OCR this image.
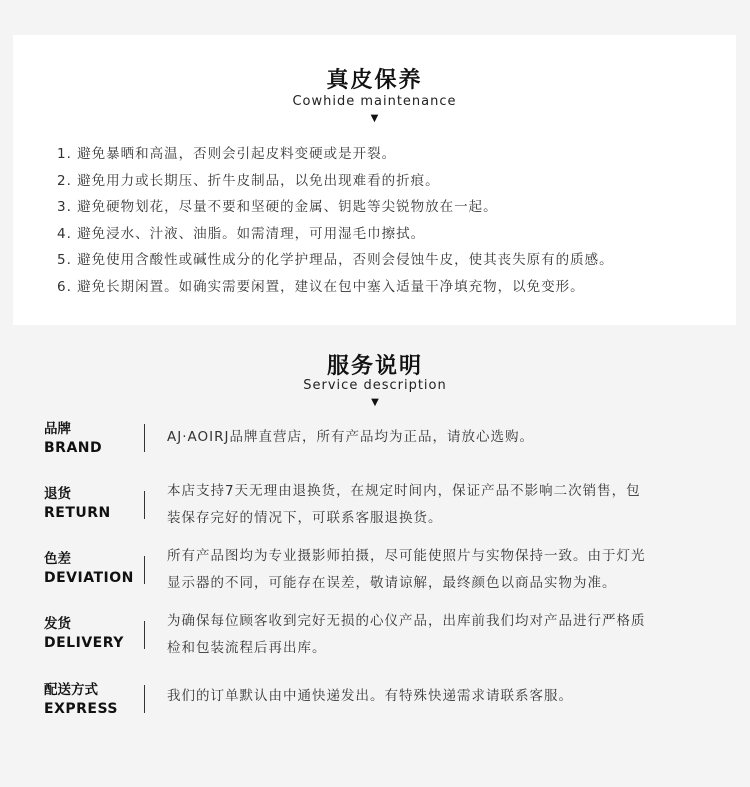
真皮保养
Cowhide maintenance
▼
1. 避免暴晒和高温，否则会引起皮料变硬或是开裂。
2. 避免用力或长期压、折牛皮制品，以免出现难看的折痕。
3. 避免硬物划花，尽量不要和坚硬的金属、钥匙等尖锐物放在一起。
4. 避免浸水、汁液、油脂。如需清理，可用湿毛巾擦拭。
5. 避免使用含酸性或碱性成分的化学护理品，否则会侵蚀牛皮，使其丧失原有的质感。
6. 避免长期闲置。如确实需要闲置，建议在包中塞入适量干净填充物，以免变形。
服务说明
Service description
▼
品牌
BRAND
AJ·AOIRJ品牌直营店，所有产品均为正品，请放心选购。
退货
RETURN
本店支持7天无理由退换货，在规定时间内，保证产品不影响二次销售，包
装保存完好的情况下，可联系客服退换货。
色差
DEVIATION
所有产品图均为专业摄影师拍摄，尽可能使照片与实物保持一致。由于灯光
显示器的不同，可能存在误差，敬请谅解，最终颜色以商品实物为准。
发货
DELIVERY
为确保每位顾客收到完好无损的心仪产品，出库前我们均对产品进行严格质
检和包装流程后再出库。
配送方式
EXPRESS
我们的订单默认由中通快递发出。有特殊快递需求请联系客服。
